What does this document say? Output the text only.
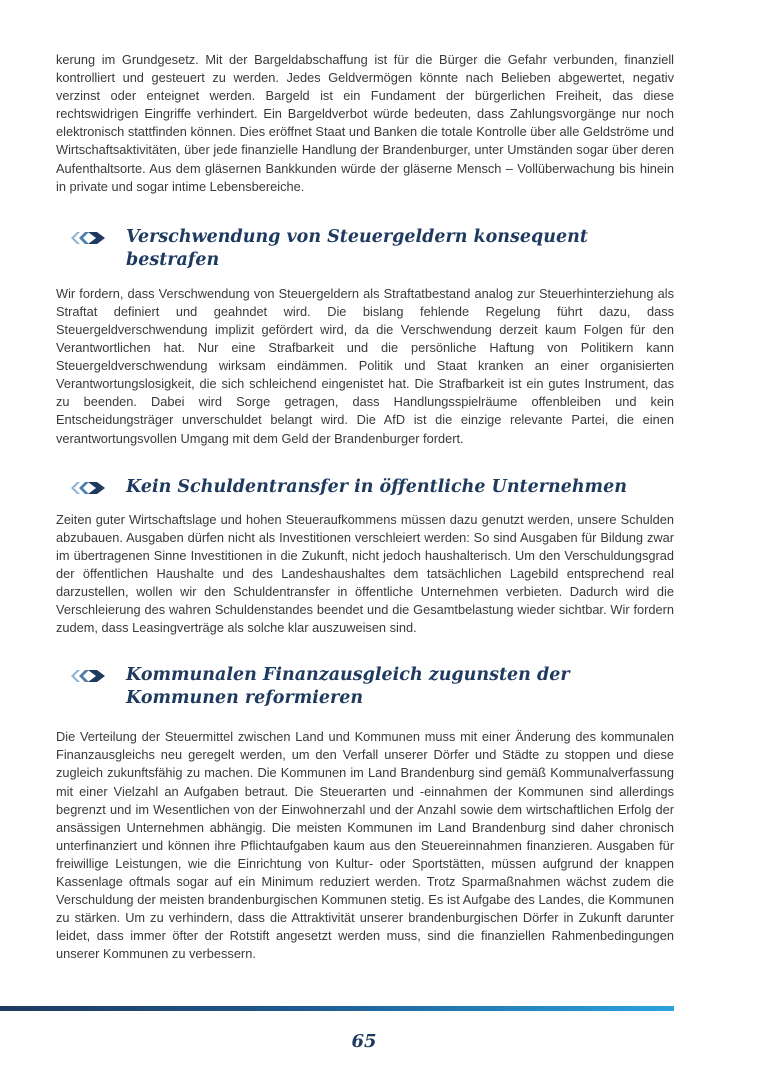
kerung im Grundgesetz. Mit der Bargeldabschaffung ist für die Bürger die Gefahr verbunden, finanziell kontrolliert und gesteuert zu werden. Jedes Geldvermögen könnte nach Belieben abgewertet, negativ verzinst oder enteignet werden. Bargeld ist ein Fundament der bürgerlichen Freiheit, das diese rechtswidrigen Eingriffe verhindert. Ein Bargeldverbot würde bedeuten, dass Zahlungsvorgänge nur noch elektronisch stattfinden können. Dies eröffnet Staat und Banken die totale Kontrolle über alle Geldströme und Wirtschaftsaktivitäten, über jede finanzielle Handlung der Brandenburger, unter Umständen sogar über deren Aufenthaltsorte. Aus dem gläsernen Bankkunden würde der gläserne Mensch – Vollüberwachung bis hinein in private und sogar intime Lebensbereiche.

Verschwendung von Steuergeldern konsequent bestrafen

Wir fordern, dass Verschwendung von Steuergeldern als Straftatbestand analog zur Steuerhinterziehung als Straftat definiert und geahndet wird. Die bislang fehlende Regelung führt dazu, dass Steuergeldverschwendung implizit gefördert wird, da die Verschwendung derzeit kaum Folgen für den Verantwortlichen hat. Nur eine Strafbarkeit und die persönliche Haftung von Politikern kann Steuergeldverschwendung wirksam eindämmen. Politik und Staat kranken an einer organisierten Verantwortungslosigkeit, die sich schleichend eingenistet hat. Die Strafbarkeit ist ein gutes Instrument, das zu beenden. Dabei wird Sorge getragen, dass Handlungsspielräume offenbleiben und kein Entscheidungsträger unverschuldet belangt wird. Die AfD ist die einzige relevante Partei, die einen verantwortungsvollen Umgang mit dem Geld der Brandenburger fordert.

Kein Schuldentransfer in öffentliche Unternehmen

Zeiten guter Wirtschaftslage und hohen Steueraufkommens müssen dazu genutzt werden, unsere Schulden abzubauen. Ausgaben dürfen nicht als Investitionen verschleiert werden: So sind Ausgaben für Bildung zwar im übertragenen Sinne Investitionen in die Zukunft, nicht jedoch haushalterisch. Um den Verschuldungsgrad der öffentlichen Haushalte und des Landeshaushaltes dem tatsächlichen Lagebild entsprechend real darzustellen, wollen wir den Schuldentransfer in öffentliche Unternehmen verbieten. Dadurch wird die Verschleierung des wahren Schuldenstandes beendet und die Gesamtbelastung wieder sichtbar. Wir fordern zudem, dass Leasingverträge als solche klar auszuweisen sind.

Kommunalen Finanzausgleich zugunsten der
Kommunen reformieren

Die Verteilung der Steuermittel zwischen Land und Kommunen muss mit einer Änderung des kommunalen Finanzausgleichs neu geregelt werden, um den Verfall unserer Dörfer und Städte zu stoppen und diese zugleich zukunftsfähig zu machen. Die Kommunen im Land Brandenburg sind gemäß Kommunalverfassung mit einer Vielzahl an Aufgaben betraut. Die Steuerarten und -einnahmen der Kommunen sind allerdings begrenzt und im Wesentlichen von der Einwohnerzahl und der Anzahl sowie dem wirtschaftlichen Erfolg der ansässigen Unternehmen abhängig. Die meisten Kommunen im Land Brandenburg sind daher chronisch unterfinanziert und können ihre Pflichtaufgaben kaum aus den Steuereinnahmen finanzieren. Ausgaben für freiwillige Leistungen, wie die Einrichtung von Kultur- oder Sportstätten, müssen aufgrund der knappen Kassenlage oftmals sogar auf ein Minimum reduziert werden. Trotz Sparmaßnahmen wächst zudem die Verschuldung der meisten brandenburgischen Kommunen stetig. Es ist Aufgabe des Landes, die Kommunen zu stärken. Um zu verhindern, dass die Attraktivität unserer brandenburgischen Dörfer in Zukunft darunter leidet, dass immer öfter der Rotstift angesetzt werden muss, sind die finanziellen Rahmenbedingungen unserer Kommunen zu verbessern.

65
